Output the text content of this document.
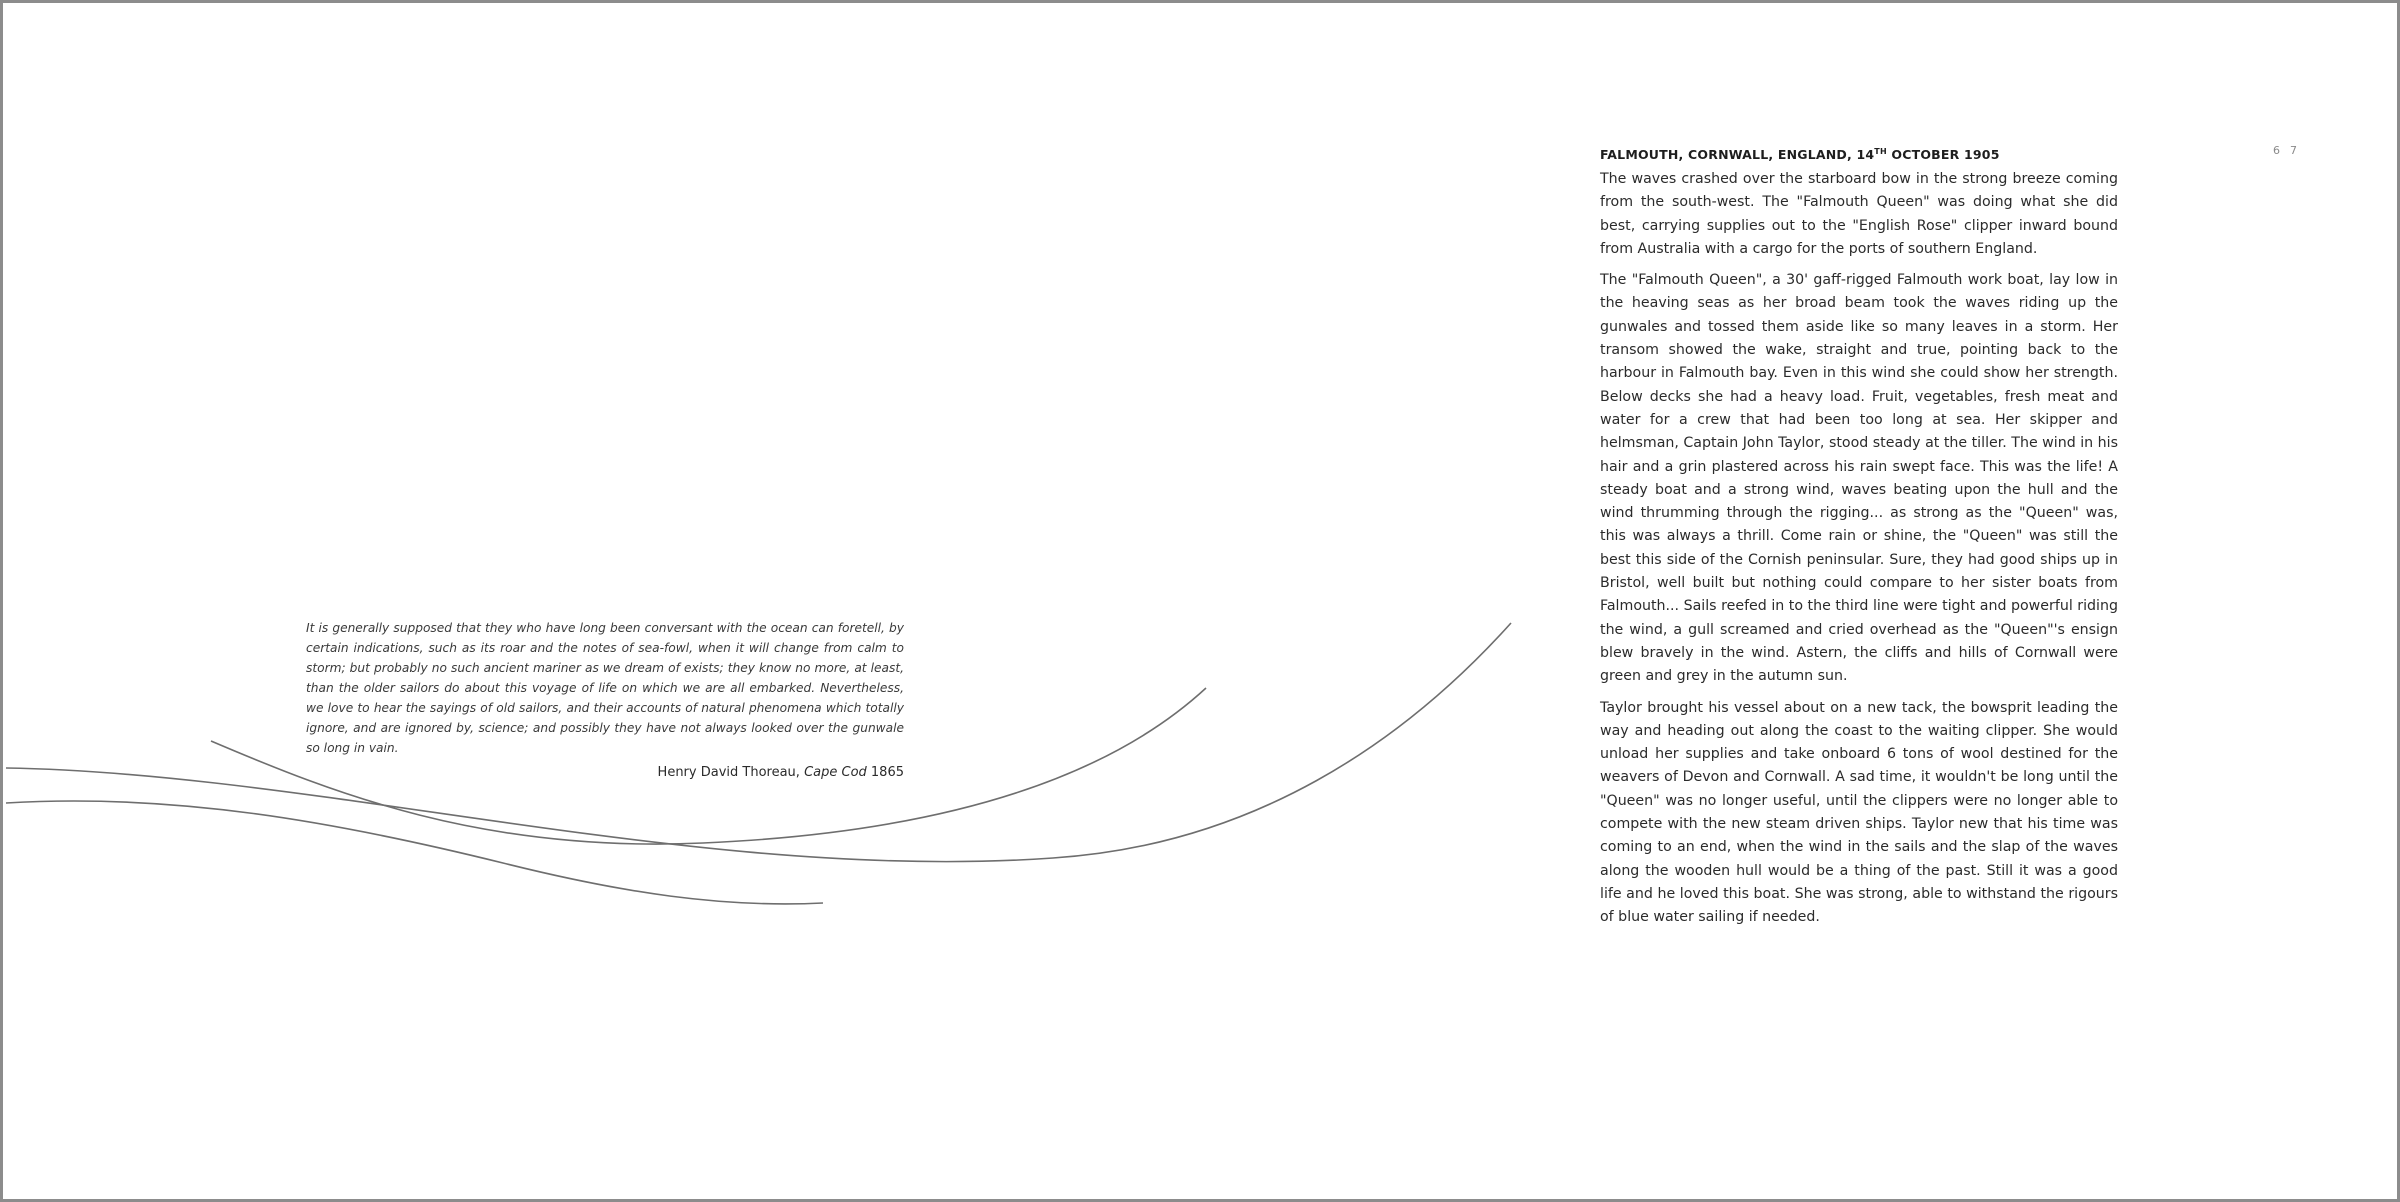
It is generally supposed that they who have long been conversant with the ocean can foretell, by certain indications, such as its roar and the notes of sea-fowl, when it will change from calm to storm; but probably no such ancient mariner as we dream of exists; they know no more, at least, than the older sailors do about this voyage of life on which we are all embarked. Nevertheless, we love to hear the sayings of old sailors, and their accounts of natural phenomena which totally ignore, and are ignored by, science; and possibly they have not always looked over the gunwale so long in vain.

Henry David Thoreau, Cape Cod 1865
FALMOUTH, CORNWALL, ENGLAND, 14TH OCTOBER 1905

The waves crashed over the starboard bow in the strong breeze coming from the south-west. The "Falmouth Queen" was doing what she did best, carrying supplies out to the "English Rose" clipper inward bound from Australia with a cargo for the ports of southern England.

The "Falmouth Queen", a 30' gaff-rigged Falmouth work boat, lay low in the heaving seas as her broad beam took the waves riding up the gunwales and tossed them aside like so many leaves in a storm. Her transom showed the wake, straight and true, pointing back to the harbour in Falmouth bay. Even in this wind she could show her strength. Below decks she had a heavy load. Fruit, vegetables, fresh meat and water for a crew that had been too long at sea. Her skipper and helmsman, Captain John Taylor, stood steady at the tiller. The wind in his hair and a grin plastered across his rain swept face. This was the life! A steady boat and a strong wind, waves beating upon the hull and the wind thrumming through the rigging... as strong as the "Queen" was, this was always a thrill. Come rain or shine, the "Queen" was still the best this side of the Cornish peninsular. Sure, they had good ships up in Bristol, well built but nothing could compare to her sister boats from Falmouth... Sails reefed in to the third line were tight and powerful riding the wind, a gull screamed and cried overhead as the "Queen"'s ensign blew bravely in the wind. Astern, the cliffs and hills of Cornwall were green and grey in the autumn sun.

Taylor brought his vessel about on a new tack, the bowsprit leading the way and heading out along the coast to the waiting clipper. She would unload her supplies and take onboard 6 tons of wool destined for the weavers of Devon and Cornwall. A sad time, it wouldn't be long until the "Queen" was no longer useful, until the clippers were no longer able to compete with the new steam driven ships. Taylor new that his time was coming to an end, when the wind in the sails and the slap of the waves along the wooden hull would be a thing of the past. Still it was a good life and he loved this boat. She was strong, able to withstand the rigours of blue water sailing if needed.

6 7
